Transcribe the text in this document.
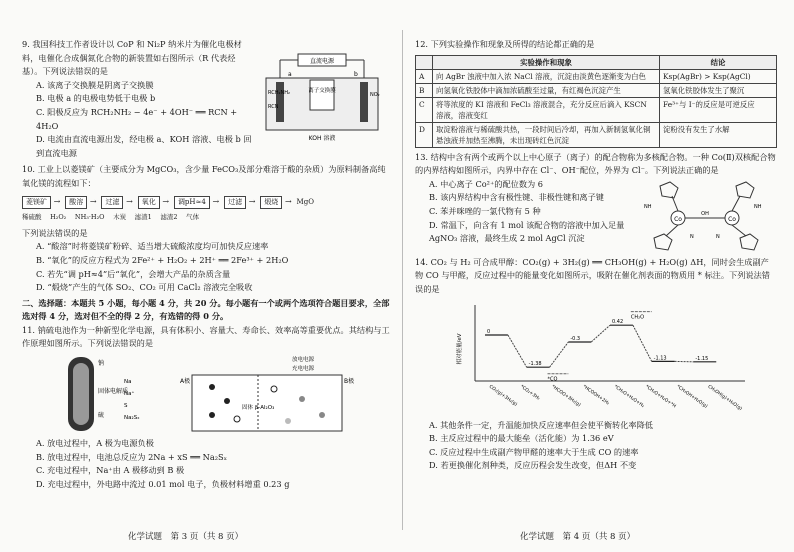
9. 我国科技工作者设计以 CoP 和 Ni₂P 纳米片为催化电极材料，电催化合成偶氮化合物的新装置如右图所示（R 代表烃基）。下列说法错误的是

A. 该离子交换膜是阴离子交换膜

B. 电极 a 的电极电势低于电极 b

C. 阳极反应为 RCH₂NH₂ − 4e⁻ + 4OH⁻ ══ RCN + 4H₂O

D. 电流由直流电源出发，经电极 a、KOH 溶液、电极 b 回到直流电源

直流电源
离子交换膜
RCH₂NH₂
RCN
a	b
NO₂
KOH 溶液

10. 工业上以菱镁矿（主要成分为 MgCO₃，含少量 FeCO₃及部分难溶于酸的杂质）为原料制备高纯氧化镁的流程如下：

菱镁矿 → 酸溶 → 过滤 → 氧化 → 调pH≈4 → 过滤 → 煅烧 → MgO
稀硫酸　 H₂O₂　 NH₃·H₂O　 木炭　 滤渣1　 滤渣2　 气体

下列说法错误的是

A. “酸溶”时将菱镁矿粉碎、适当增大硫酸浓度均可加快反应速率

B. “氧化”的反应方程式为 2Fe²⁺ + H₂O₂ + 2H⁺ ══ 2Fe³⁺ + 2H₂O

C. 若先“调 pH≈4”后“氧化”，会增大产品的杂质含量

D. “煅烧”产生的气体 SO₂、CO₂ 可用 CaCl₂ 溶液完全吸收

二、选择题：本题共 5 小题，每小题 4 分，共 20 分。每小题有一个或两个选项符合题目要求，全部选对得 4 分，选对但不全的得 2 分，有选错的得 0 分。

11. 钠硫电池作为一种新型化学电源，具有体积小、容量大、寿命长、效率高等重要优点。其结构与工作原理如图所示。下列说法错误的是

钠
固体电解质
硫
A极	B极
放电电源
充电电源
固体 β-Al₂O₃
Na
Na⁺
S
Na₂Sₓ

A. 放电过程中，A 极为电源负极

B. 放电过程中，电池总反应为 2Na + xS ══ Na₂Sₓ

C. 充电过程中，Na⁺由 A 极移动到 B 极

D. 充电过程中，外电路中流过 0.01 mol 电子，负极材料增重 0.23 g

化学试题　第 3 页（共 8 页）

12. 下列实验操作和现象及所得的结论都正确的是

	实验操作和现象	结论
A	向 AgBr 浊液中加入浓 NaCl 溶液，沉淀由淡黄色逐渐变为白色	Ksp(AgBr) > Ksp(AgCl)
B	向氢氧化铁胶体中滴加浓硫酸至过量，有红褐色沉淀产生	氢氧化铁胶体发生了聚沉
C	将等浓度的 KI 溶液和 FeCl₃ 溶液混合，充分反应后滴入 KSCN 溶液，溶液变红	Fe³⁺与 I⁻的反应是可逆反应
D	取淀粉溶液与稀硫酸共热，一段时间后冷却，再加入新制氢氧化铜悬浊液并加热至沸腾，未出现砖红色沉淀	淀粉没有发生了水解

13. 结构中含有两个或两个以上中心原子（离子）的配合物称为多核配合物。一种 Co(Ⅱ)双核配合物的内界结构如图所示，内界中存在 Cl⁻、OH⁻配位，外界为 Cl⁻。下列说法正确的是

A. 中心离子 Co²⁺的配位数为 6

B. 该内界结构中含有极性键、非极性键和离子键

C. 苯并咪唑的一氯代物有 5 种

D. 常温下，向含有 1 mol 该配合物的溶液中加入足量 AgNO₃ 溶液，最终生成 2 mol AgCl 沉淀

Co	Co
OH
NH	NH
N	N

14. CO₂ 与 H₂ 可合成甲醇：CO₂(g) + 3H₂(g) ══ CH₃OH(g) + H₂O(g) ΔH，同时会生成副产物 CO 与甲醛，反应过程中的能量变化如图所示，吸附在催化剂表面的物质用 * 标注。下列说法错误的是

相对能量/eV
0
-1.38
-0.3
0.42
-1.13	-1.15
*CO
CH₂O
CO₂(g)+3H₂(g) *CO₂+3H₂ *HCOO+3H₂(g) *HCOOH+2H₂ *CH₂O+H₂O+H₂ *CH₃O+H₂O+*H
*CH₃OH+H₂O(g)
CH₃OH(g)+H₂O(g)

A. 其他条件一定，升温能加快反应速率但会使平衡转化率降低

B. 主反应过程中的最大能垒（活化能）为 1.36 eV

C. 反应过程中生成副产物甲醛的速率大于生成 CO 的速率

D. 若更换催化剂种类，反应历程会发生改变，但ΔH 不变

化学试题　第 4 页（共 8 页）
